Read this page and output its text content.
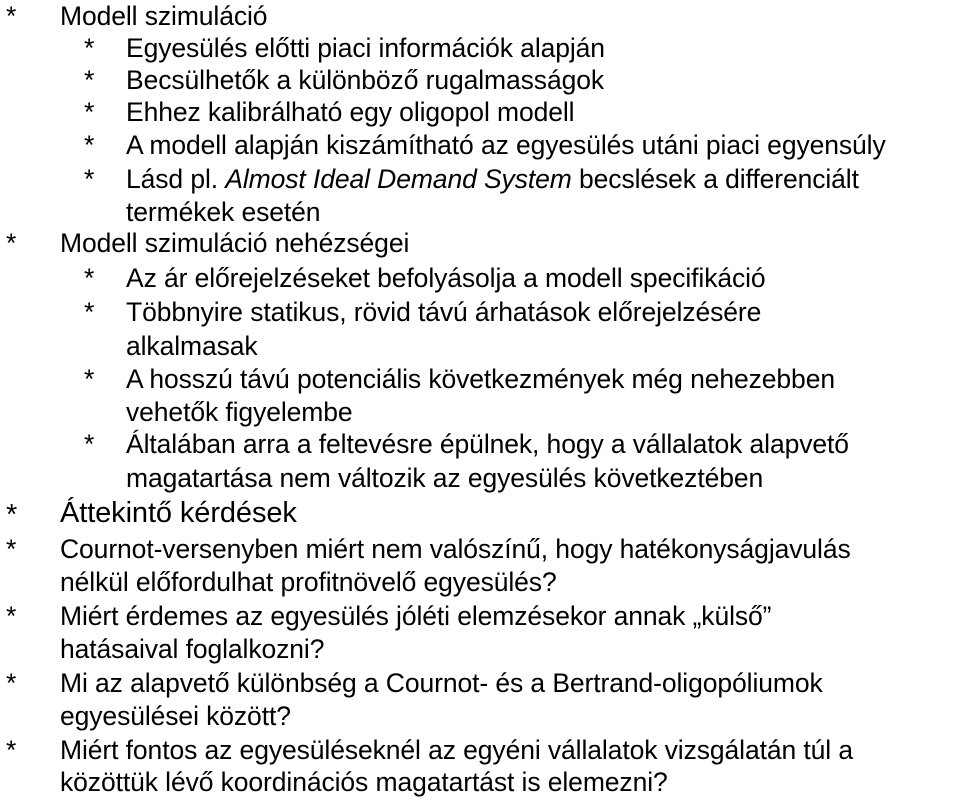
* Modell szimuláció
* Egyesülés előtti piaci információk alapján
* Becsülhetők a különböző rugalmasságok
* Ehhez kalibrálható egy oligopol modell
* A modell alapján kiszámítható az egyesülés utáni piaci egyensúly
* Lásd pl. Almost Ideal Demand System becslések a differenciált
termékek esetén
* Modell szimuláció nehézségei
* Az ár előrejelzéseket befolyásolja a modell specifikáció
* Többnyire statikus, rövid távú árhatások előrejelzésére
alkalmasak
* A hosszú távú potenciális következmények még nehezebben
vehetők figyelembe
* Általában arra a feltevésre épülnek, hogy a vállalatok alapvető
magatartása nem változik az egyesülés következtében
* Áttekintő kérdések
* Cournot-versenyben miért nem valószínű, hogy hatékonyságjavulás
nélkül előfordulhat profitnövelő egyesülés?
* Miért érdemes az egyesülés jóléti elemzésekor annak „külső”
hatásaival foglalkozni?
* Mi az alapvető különbség a Cournot- és a Bertrand-oligopóliumok
egyesülései között?
* Miért fontos az egyesüléseknél az egyéni vállalatok vizsgálatán túl a
közöttük lévő koordinációs magatartást is elemezni?
